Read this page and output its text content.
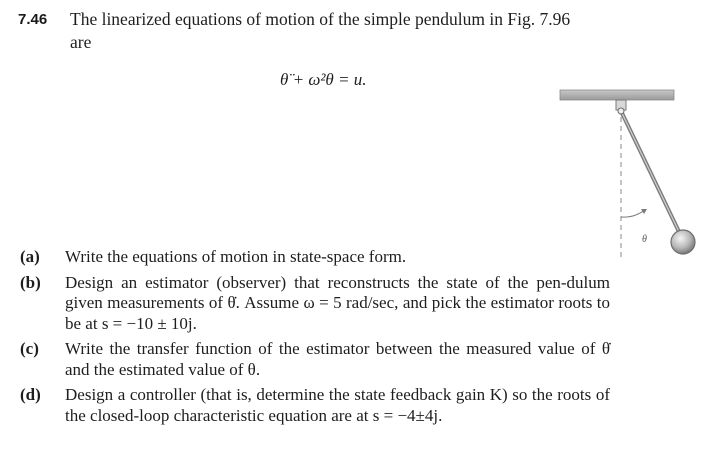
7.46 The linearized equations of motion of the simple pendulum in Fig. 7.96
are
θ̈ + ω²θ = u.
θ
(a) Write the equations of motion in state-space form.
(b) Design an estimator (observer) that reconstructs the state of the pen-dulum given measurements of θ̇. Assume ω = 5 rad/sec, and pick the estimator roots to be at s = −10 ± 10j.
(c) Write the transfer function of the estimator between the measured value of θ̇ and the estimated value of θ.
(d) Design a controller (that is, determine the state feedback gain K) so the roots of the closed-loop characteristic equation are at s = −4±4j.
